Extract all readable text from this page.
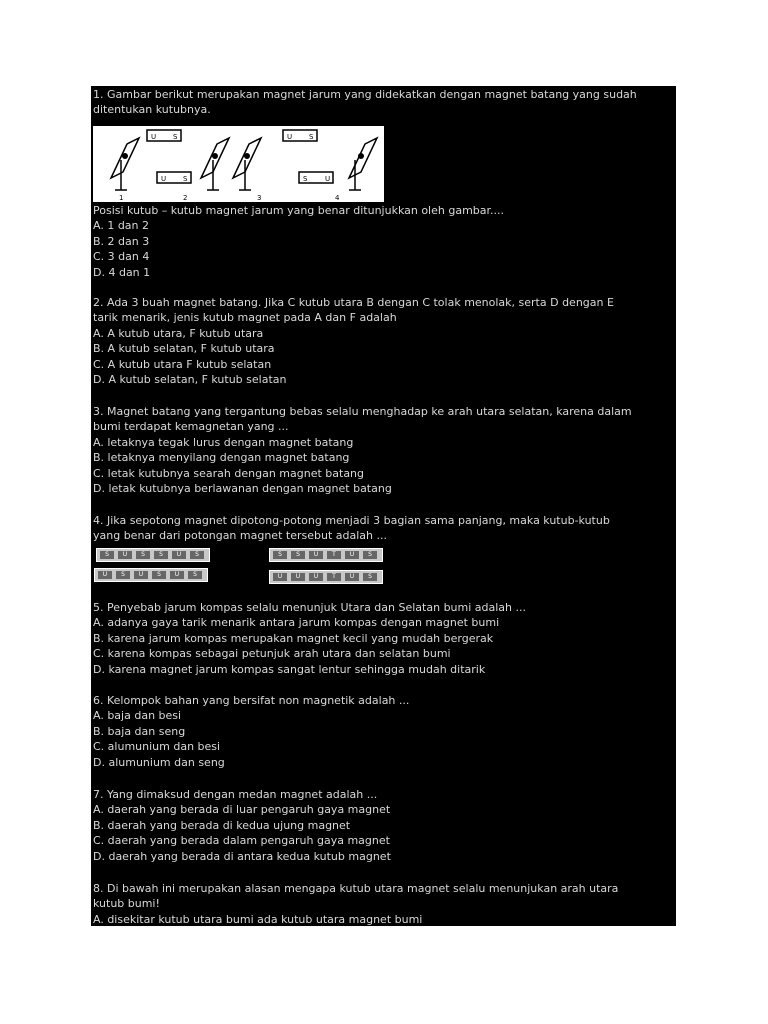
1. Gambar berikut merupakan magnet jarum yang didekatkan dengan magnet batang yang sudah
ditentukan kutubnya.
U S	U S
U S	S	U
1	2	3	4
Posisi kutub – kutub magnet jarum yang benar ditunjukkan oleh gambar....
A. 1 dan 2
B. 2 dan 3
C. 3 dan 4
D. 4 dan 1
2. Ada 3 buah magnet batang. Jika C kutub utara B dengan C tolak menolak, serta D dengan E
tarik menarik, jenis kutub magnet pada A dan F adalah
A. A kutub utara, F kutub utara
B. A kutub selatan, F kutub utara
C. A kutub utara F kutub selatan
D. A kutub selatan, F kutub selatan
3. Magnet batang yang tergantung bebas selalu menghadap ke arah utara selatan, karena dalam
bumi terdapat kemagnetan yang ...
A. letaknya tegak lurus dengan magnet batang
B. letaknya menyilang dengan magnet batang
C. letak kutubnya searah dengan magnet batang
D. letak kutubnya berlawanan dengan magnet batang
4. Jika sepotong magnet dipotong-potong menjadi 3 bagian sama panjang, maka kutub-kutub
yang benar dari potongan magnet tersebut adalah ...
S U S S U S	S S U T U S
U S U S U S	U U U T U S
5. Penyebab jarum kompas selalu menunjuk Utara dan Selatan bumi adalah ...
A. adanya gaya tarik menarik antara jarum kompas dengan magnet bumi
B. karena jarum kompas merupakan magnet kecil yang mudah bergerak
C. karena kompas sebagai petunjuk arah utara dan selatan bumi
D. karena magnet jarum kompas sangat lentur sehingga mudah ditarik
6. Kelompok bahan yang bersifat non magnetik adalah ...
A. baja dan besi
B. baja dan seng
C. alumunium dan besi
D. alumunium dan seng
7. Yang dimaksud dengan medan magnet adalah ...
A. daerah yang berada di luar pengaruh gaya magnet
B. daerah yang berada di kedua ujung magnet
C. daerah yang berada dalam pengaruh gaya magnet
D. daerah yang berada di antara kedua kutub magnet
8. Di bawah ini merupakan alasan mengapa kutub utara magnet selalu menunjukan arah utara
kutub bumi!
A. disekitar kutub utara bumi ada kutub utara magnet bumi
